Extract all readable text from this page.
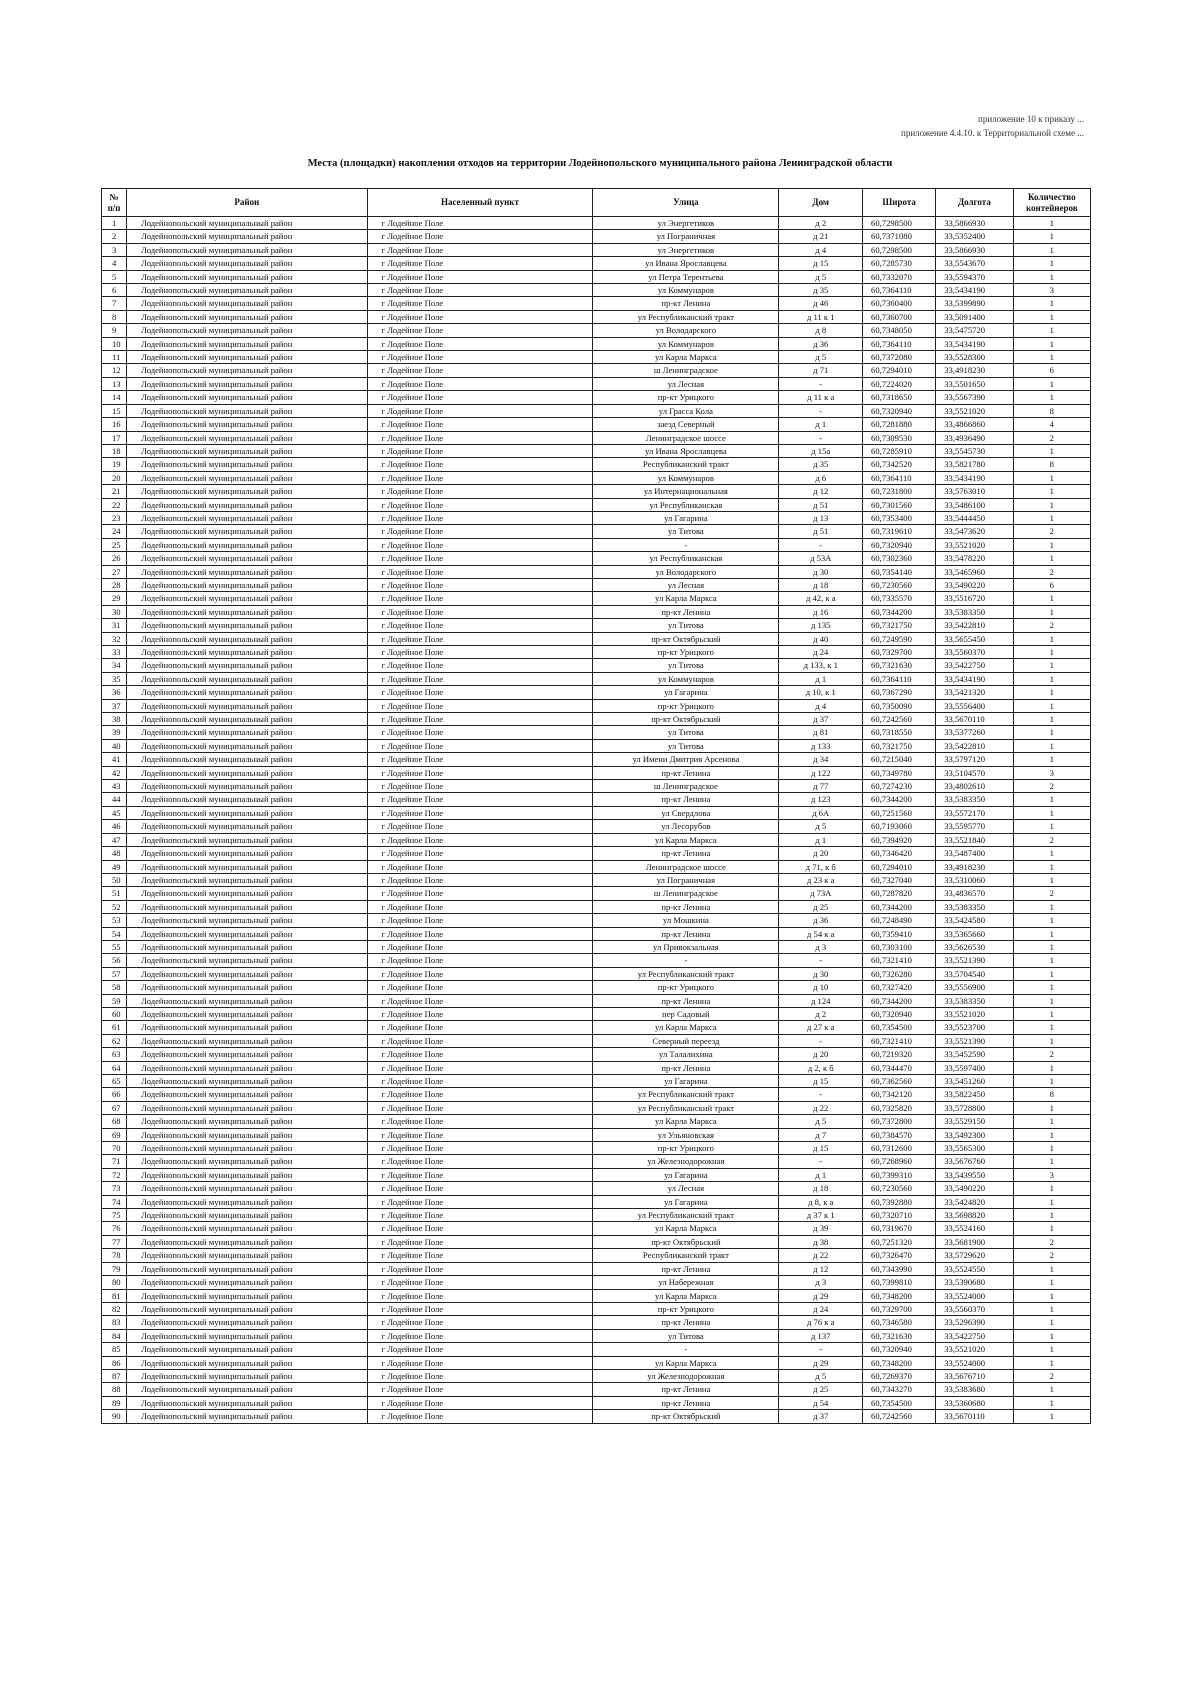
приложение 10 к приказу ...
приложение 4.4.10. к Территориальной схеме ...
Места (площадки) накопления отходов на территории Лодейнопольского муниципального района Ленинградской области
№ п/п	Район	Населенный пункт	Улица	Дом	Широта	Долгота	Количество контейнеров
1	Лодейнопольский муниципальный район	г Лодейное Поле	ул Энергетиков	д 2	60,7298500	33,5866930	1
2	Лодейнопольский муниципальный район	г Лодейное Поле	ул Пограничная	д 21	60,7371080	33,5352400	1
3	Лодейнопольский муниципальный район	г Лодейное Поле	ул Энергетиков	д 4	60,7298500	33,5866930	1
4	Лодейнопольский муниципальный район	г Лодейное Поле	ул Ивана Ярославцева	д 15	60,7285730	33,5543670	1
5	Лодейнопольский муниципальный район	г Лодейное Поле	ул Петра Терентьева	д 5	60,7332070	33,5594370	1
6	Лодейнопольский муниципальный район	г Лодейное Поле	ул Коммунаров	д 35	60,7364110	33,5434190	3
7	Лодейнопольский муниципальный район	г Лодейное Поле	пр-кт Ленина	д 46	60,7360400	33,5399890	1
8	Лодейнопольский муниципальный район	г Лодейное Поле	ул Республиканский тракт	д 11 к 1	60,7360700	33,5091400	1
9	Лодейнопольский муниципальный район	г Лодейное Поле	ул Володарского	д 8	60,7348050	33,5475720	1
10	Лодейнопольский муниципальный район	г Лодейное Поле	ул Коммунаров	д 36	60,7364110	33,5434190	1
11	Лодейнопольский муниципальный район	г Лодейное Поле	ул Карла Маркса	д 5	60,7372080	33,5528300	1
12	Лодейнопольский муниципальный район	г Лодейное Поле	ш Ленинградское	д 71	60,7294010	33,4918230	6
13	Лодейнопольский муниципальный район	г Лодейное Поле	ул Лесная	-	60,7224020	33,5501650	1
14	Лодейнопольский муниципальный район	г Лодейное Поле	пр-кт Урицкого	д 11 к а	60,7318650	33,5567390	1
15	Лодейнопольский муниципальный район	г Лодейное Поле	ул Грасса Кола	-	60,7320940	33,5521020	8
16	Лодейнопольский муниципальный район	г Лодейное Поле	заезд Северный	д 1	60,7281880	33,4866860	4
17	Лодейнопольский муниципальный район	г Лодейное Поле	Ленинградское шоссе	-	60,7309530	33,4936490	2
18	Лодейнопольский муниципальный район	г Лодейное Поле	ул Ивана Ярославцева	д 15а	60,7285910	33,5545730	1
19	Лодейнопольский муниципальный район	г Лодейное Поле	Республиканский тракт	д 35	60,7342520	33,5821780	8
20	Лодейнопольский муниципальный район	г Лодейное Поле	ул Коммунаров	д 6	60,7364110	33,5434190	1
21	Лодейнопольский муниципальный район	г Лодейное Поле	ул Интернациональная	д 12	60,7231800	33,5763010	1
22	Лодейнопольский муниципальный район	г Лодейное Поле	ул Республиканская	д 51	60,7301560	33,5486100	1
23	Лодейнопольский муниципальный район	г Лодейное Поле	ул Гагарина	д 13	60,7353400	33,5444450	1
24	Лодейнопольский муниципальный район	г Лодейное Поле	ул Титова	д 51	60,7319610	33,5473620	2
25	Лодейнопольский муниципальный район	г Лодейное Поле	-	-	60,7320940	33,5521020	1
26	Лодейнопольский муниципальный район	г Лодейное Поле	ул Республиканская	д 53А	60,7302360	33,5478220	1
27	Лодейнопольский муниципальный район	г Лодейное Поле	ул Володарского	д 30	60,7354140	33,5465960	2
28	Лодейнопольский муниципальный район	г Лодейное Поле	ул Лесная	д 18	60,7230560	33,5490220	6
29	Лодейнопольский муниципальный район	г Лодейное Поле	ул Карла Маркса	д 42, к а	60,7335570	33,5516720	1
30	Лодейнопольский муниципальный район	г Лодейное Поле	пр-кт Ленина	д 16	60,7344200	33,5383350	1
31	Лодейнопольский муниципальный район	г Лодейное Поле	ул Титова	д 135	60,7321750	33,5422810	2
32	Лодейнопольский муниципальный район	г Лодейное Поле	пр-кт Октябрьский	д 40	60,7249590	33,5655450	1
33	Лодейнопольский муниципальный район	г Лодейное Поле	пр-кт Урицкого	д 24	60,7329700	33,5560370	1
34	Лодейнопольский муниципальный район	г Лодейное Поле	ул Титова	д 133, к 1	60,7321630	33,5422750	1
35	Лодейнопольский муниципальный район	г Лодейное Поле	ул Коммунаров	д 1	60,7364110	33,5434190	1
36	Лодейнопольский муниципальный район	г Лодейное Поле	ул Гагарина	д 10, к 1	60,7367290	33,5421320	1
37	Лодейнопольский муниципальный район	г Лодейное Поле	пр-кт Урицкого	д 4	60,7350090	33,5556400	1
38	Лодейнопольский муниципальный район	г Лодейное Поле	пр-кт Октябрьский	д 37	60,7242560	33,5670110	1
39	Лодейнопольский муниципальный район	г Лодейное Поле	ул Титова	д 81	60,7318550	33,5377260	1
40	Лодейнопольский муниципальный район	г Лодейное Поле	ул Титова	д 133	60,7321750	33,5422810	1
41	Лодейнопольский муниципальный район	г Лодейное Поле	ул Имени Дмитрия Арсенова	д 34	60,7215040	33,5797120	1
42	Лодейнопольский муниципальный район	г Лодейное Поле	пр-кт Ленина	д 122	60,7349780	33,5104570	3
43	Лодейнопольский муниципальный район	г Лодейное Поле	ш Ленинградское	д 77	60,7274230	33,4802610	2
44	Лодейнопольский муниципальный район	г Лодейное Поле	пр-кт Ленина	д 123	60,7344200	33,5383350	1
45	Лодейнопольский муниципальный район	г Лодейное Поле	ул Свердлова	д 6А	60,7251560	33,5572170	1
46	Лодейнопольский муниципальный район	г Лодейное Поле	ул Лесорубов	д 5	60,7193060	33,5595770	1
47	Лодейнопольский муниципальный район	г Лодейное Поле	ул Карла Маркса	д 1	60,7394920	33,5521840	2
48	Лодейнопольский муниципальный район	г Лодейное Поле	пр-кт Ленина	д 20	60,7346420	33,5487400	1
49	Лодейнопольский муниципальный район	г Лодейное Поле	Ленинградское шоссе	д 71, к б	60,7294010	33,4918230	1
50	Лодейнопольский муниципальный район	г Лодейное Поле	ул Пограничная	д 23 к а	60,7327040	33,5310060	1
51	Лодейнопольский муниципальный район	г Лодейное Поле	ш Ленинградское	д 73А	60,7287820	33,4836570	2
52	Лодейнопольский муниципальный район	г Лодейное Поле	пр-кт Ленина	д 25	60,7344200	33,5383350	1
53	Лодейнопольский муниципальный район	г Лодейное Поле	ул Мошкина	д 36	60,7248490	33,5424580	1
54	Лодейнопольский муниципальный район	г Лодейное Поле	пр-кт Ленина	д 54 к а	60,7359410	33,5365660	1
55	Лодейнопольский муниципальный район	г Лодейное Поле	ул Привокзальная	д 3	60,7303100	33,5626530	1
56	Лодейнопольский муниципальный район	г Лодейное Поле	-	-	60,7321410	33,5521390	1
57	Лодейнопольский муниципальный район	г Лодейное Поле	ул Республиканский тракт	д 30	60,7326280	33,5704540	1
58	Лодейнопольский муниципальный район	г Лодейное Поле	пр-кт Урицкого	д 10	60,7327420	33,5556900	1
59	Лодейнопольский муниципальный район	г Лодейное Поле	пр-кт Ленина	д 124	60,7344200	33,5383350	1
60	Лодейнопольский муниципальный район	г Лодейное Поле	пер Садовый	д 2	60,7320940	33,5521020	1
61	Лодейнопольский муниципальный район	г Лодейное Поле	ул Карла Маркса	д 27 к а	60,7354500	33,5523700	1
62	Лодейнопольский муниципальный район	г Лодейное Поле	Северный переезд	-	60,7321410	33,5521390	1
63	Лодейнопольский муниципальный район	г Лодейное Поле	ул Талалихина	д 20	60,7219320	33,5452590	2
64	Лодейнопольский муниципальный район	г Лодейное Поле	пр-кт Ленина	д 2, к б	60,7344470	33,5597400	1
65	Лодейнопольский муниципальный район	г Лодейное Поле	ул Гагарина	д 15	60,7362560	33,5451260	1
66	Лодейнопольский муниципальный район	г Лодейное Поле	ул Республиканский тракт	-	60,7342120	33,5822450	8
67	Лодейнопольский муниципальный район	г Лодейное Поле	ул Республиканский тракт	д 22	60,7325820	33,5728800	1
68	Лодейнопольский муниципальный район	г Лодейное Поле	ул Карла Маркса	д 5	60,7372800	33,5529150	1
69	Лодейнопольский муниципальный район	г Лодейное Поле	ул Ульяновская	д 7	60,7384570	33,5492300	1
70	Лодейнопольский муниципальный район	г Лодейное Поле	пр-кт Урицкого	д 15	60,7312600	33,5565300	1
71	Лодейнопольский муниципальный район	г Лодейное Поле	ул Железнодорожная	-	60,7268960	33,5676760	1
72	Лодейнопольский муниципальный район	г Лодейное Поле	ул Гагарина	д 1	60,7399310	33,5439550	3
73	Лодейнопольский муниципальный район	г Лодейное Поле	ул Лесная	д 18	60,7230560	33,5490220	1
74	Лодейнопольский муниципальный район	г Лодейное Поле	ул Гагарина	д 8, к а	60,7392880	33,5424820	1
75	Лодейнопольский муниципальный район	г Лодейное Поле	ул Республиканский тракт	д 37 к 1	60,7320710	33,5698820	1
76	Лодейнопольский муниципальный район	г Лодейное Поле	ул Карла Маркса	д 39	60,7319670	33,5524160	1
77	Лодейнопольский муниципальный район	г Лодейное Поле	пр-кт Октябрьский	д 38	60,7251320	33,5681900	2
78	Лодейнопольский муниципальный район	г Лодейное Поле	Республиканский тракт	д 22	60,7326470	33,5729620	2
79	Лодейнопольский муниципальный район	г Лодейное Поле	пр-кт Ленина	д 12	60,7343990	33,5524550	1
80	Лодейнопольский муниципальный район	г Лодейное Поле	ул Набережная	д 3	60,7399810	33,5390680	1
81	Лодейнопольский муниципальный район	г Лодейное Поле	ул Карла Маркса	д 29	60,7348200	33,5524000	1
82	Лодейнопольский муниципальный район	г Лодейное Поле	пр-кт Урицкого	д 24	60,7329700	33,5560370	1
83	Лодейнопольский муниципальный район	г Лодейное Поле	пр-кт Ленина	д 76 к а	60,7346580	33,5296390	1
84	Лодейнопольский муниципальный район	г Лодейное Поле	ул Титова	д 137	60,7321630	33,5422750	1
85	Лодейнопольский муниципальный район	г Лодейное Поле	-	-	60,7320940	33,5521020	1
86	Лодейнопольский муниципальный район	г Лодейное Поле	ул Карла Маркса	д 29	60,7348200	33,5524000	1
87	Лодейнопольский муниципальный район	г Лодейное Поле	ул Железнодорожная	д 5	60,7269370	33,5676710	2
88	Лодейнопольский муниципальный район	г Лодейное Поле	пр-кт Ленина	д 25	60,7343270	33,5383680	1
89	Лодейнопольский муниципальный район	г Лодейное Поле	пр-кт Ленина	д 54	60,7354500	33,5360680	1
90	Лодейнопольский муниципальный район	г Лодейное Поле	пр-кт Октябрьский	д 37	60,7242560	33,5670110	1
